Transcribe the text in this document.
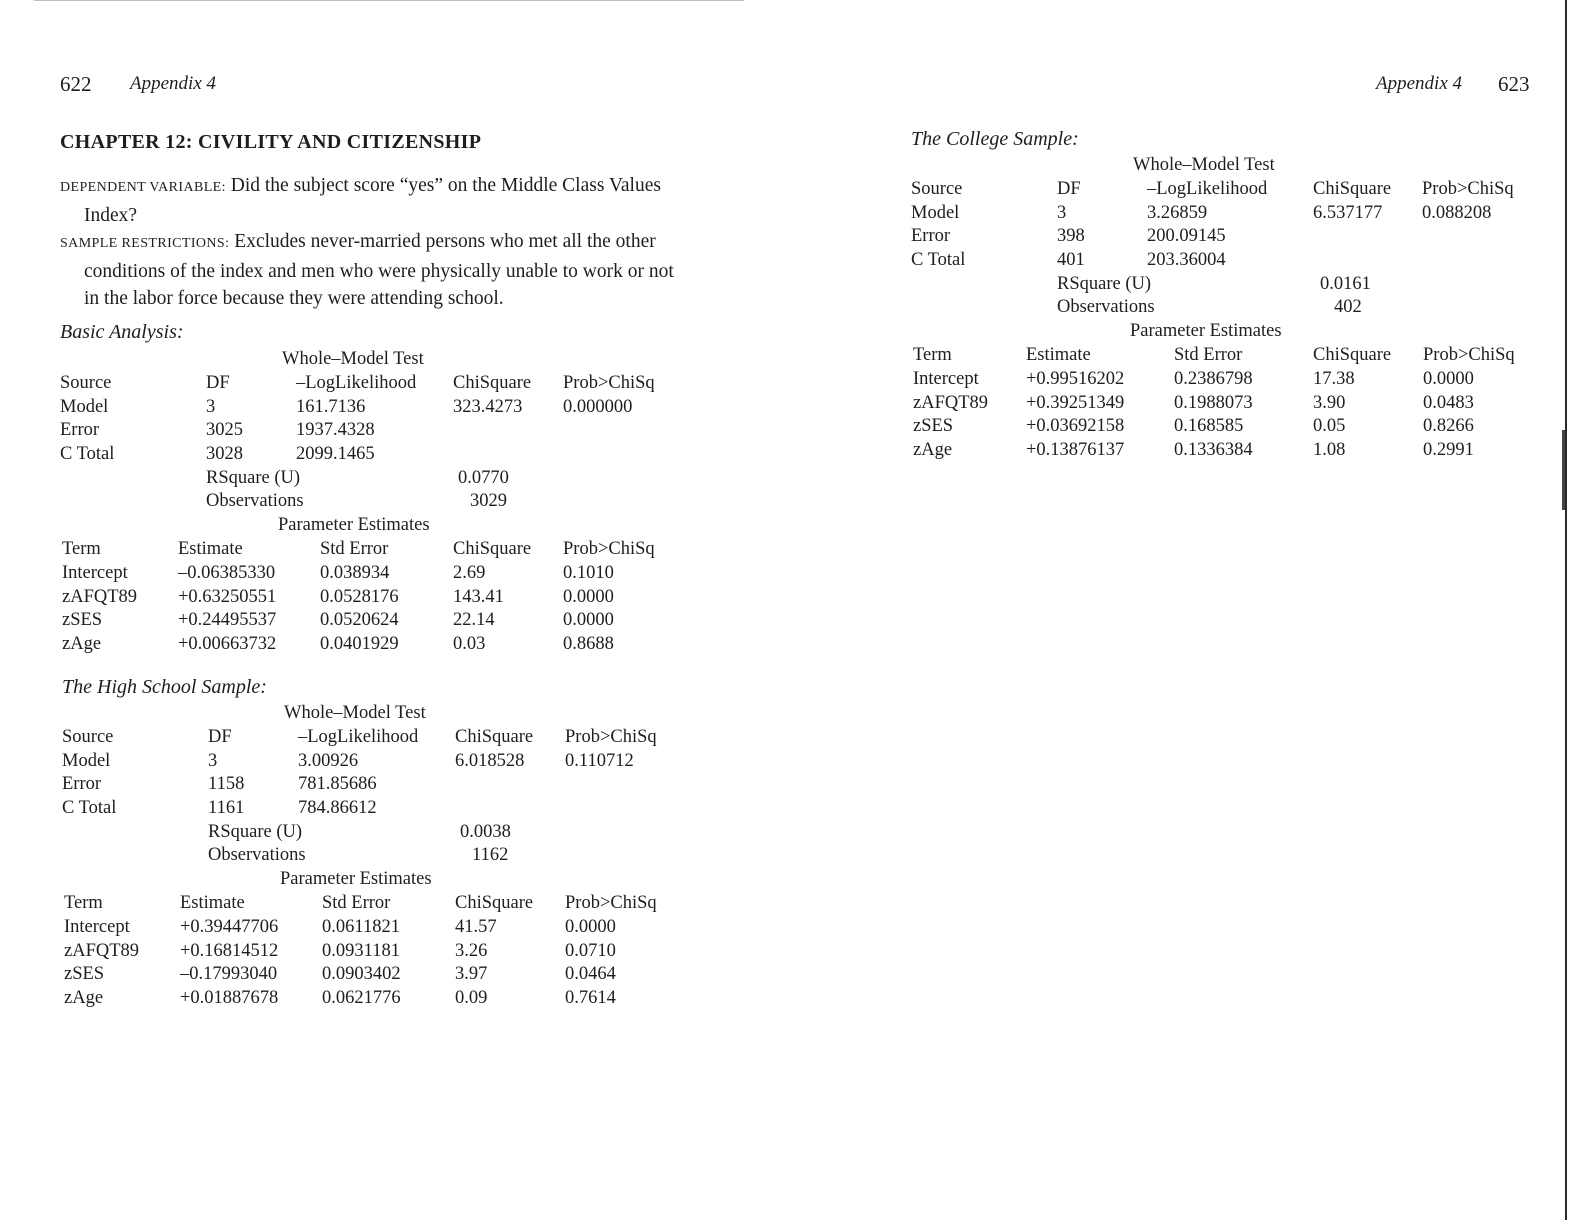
622 Appendix 4
CHAPTER 12: CIVILITY AND CITIZENSHIP
DEPENDENT VARIABLE: Did the subject score “yes” on the Middle Class Values Index?
SAMPLE RESTRICTIONS: Excludes never-married persons who met all the other conditions of the index and men who were physically unable to work or not in the labor force because they were attending school.
Basic Analysis:
Whole–Model Test
Source	DF	–LogLikelihood ChiSquare Prob>ChiSq
Model	3	161.7136	323.4273 0.000000
Error	3025	1937.4328
C Total	3028	2099.1465
RSquare (U)	0.0770
Observations	3029
Parameter Estimates
Term	Estimate	Std Error	ChiSquare Prob>ChiSq
Intercept	–0.06385330 0.038934	2.69	0.1010
zAFQT89 +0.63250551 0.0528176	143.41	0.0000
zSES	+0.24495537 0.0520624	22.14	0.0000
zAge	+0.00663732 0.0401929	0.03	0.8688
The High School Sample:
Whole–Model Test
Source	DF	–LogLikelihood ChiSquare Prob>ChiSq
Model	3	3.00926	6.018528 0.110712
Error	1158	781.85686
C Total	1161	784.86612
RSquare (U)	0.0038
Observations	1162
Parameter Estimates
Term	Estimate	Std Error	ChiSquare Prob>ChiSq
Intercept	+0.39447706 0.0611821	41.57	0.0000
zAFQT89 +0.16814512 0.0931181	3.26	0.0710
zSES	–0.17993040 0.0903402	3.97	0.0464
zAge	+0.01887678 0.0621776	0.09	0.7614
Appendix 4 623
The College Sample:
Whole–Model Test
Source	DF	–LogLikelihood ChiSquare Prob>ChiSq
Model	3	3.26859	6.537177 0.088208
Error	398	200.09145
C Total	401	203.36004
RSquare (U)	0.0161
Observations	402
Parameter Estimates
Term	Estimate	Std Error	ChiSquare Prob>ChiSq
Intercept	+0.99516202	0.2386798	17.38	0.0000
zAFQT89 +0.39251349	0.1988073	3.90	0.0483
zSES	+0.03692158	0.168585	0.05	0.8266
zAge	+0.13876137	0.1336384	1.08	0.2991
